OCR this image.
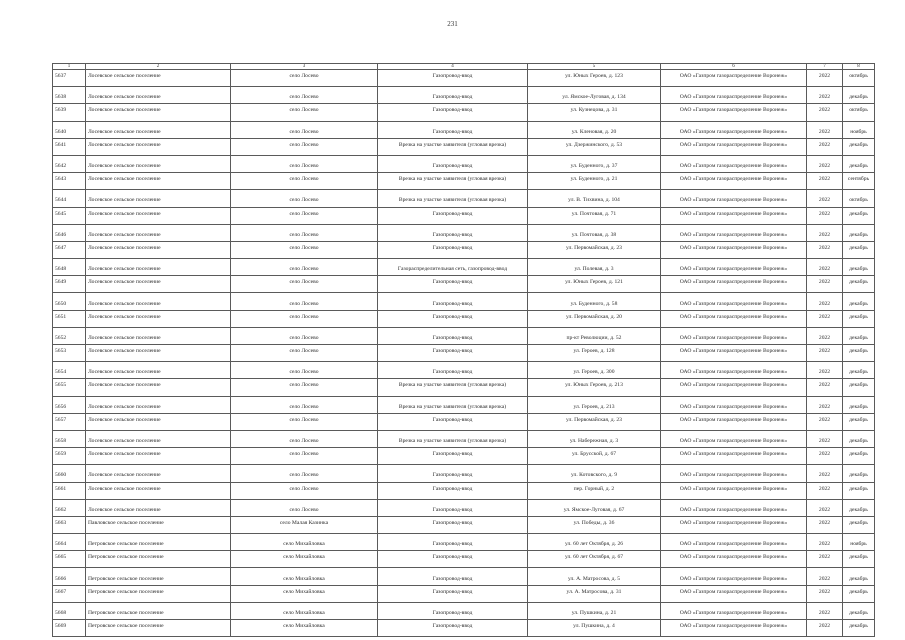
231
1	2	3	4	5	6	7	8
5637	Лосевское сельское поселение	село Лосево	Газопровод-ввод	ул. Юных Героев, д. 123	ОАО «Газпром газораспределение Воронеж»	2022	октябрь
5638	Лосевское сельское поселение	село Лосево	Газопровод-ввод	ул. Ямское-Луговая, д. 134	ОАО «Газпром газораспределение Воронеж»	2022	декабрь
5639	Лосевское сельское поселение	село Лосево	Газопровод-ввод	ул. Кузнецова, д. 31	ОАО «Газпром газораспределение Воронеж»	2022	октябрь
5640	Лосевское сельское поселение	село Лосево	Газопровод-ввод	ул. Кленовая, д. 20	ОАО «Газпром газораспределение Воронеж»	2022	ноябрь
5641	Лосевское сельское поселение	село Лосево	Врезка на участке заявителя (угловая врезка)	ул. Дзержинского, д. 53	ОАО «Газпром газораспределение Воронеж»	2022	декабрь
5642	Лосевское сельское поселение	село Лосево	Газопровод-ввод	ул. Буденного, д. 37	ОАО «Газпром газораспределение Воронеж»	2022	декабрь
5643	Лосевское сельское поселение	село Лосево	Врезка на участке заявителя (угловая врезка)	ул. Буденного, д. 21	ОАО «Газпром газораспределение Воронеж»	2022	сентябрь
5644	Лосевское сельское поселение	село Лосево	Врезка на участке заявителя (угловая врезка)	ул. В. Тихвина, д. 104	ОАО «Газпром газораспределение Воронеж»	2022	октябрь
5645	Лосевское сельское поселение	село Лосево	Газопровод-ввод	ул. Почтовая, д. 71	ОАО «Газпром газораспределение Воронеж»	2022	декабрь
5646	Лосевское сельское поселение	село Лосево	Газопровод-ввод	ул. Почтовая, д. 38	ОАО «Газпром газораспределение Воронеж»	2022	декабрь
5647	Лосевское сельское поселение	село Лосево	Газопровод-ввод	ул. Первомайская, д. 23	ОАО «Газпром газораспределение Воронеж»	2022	декабрь
5648	Лосевское сельское поселение	село Лосево	Газораспределительная сеть, газопровод-ввод	ул. Полевая, д. 3	ОАО «Газпром газораспределение Воронеж»	2022	декабрь
5649	Лосевское сельское поселение	село Лосево	Газопровод-ввод	ул. Юных Героев, д. 121	ОАО «Газпром газораспределение Воронеж»	2022	декабрь
5650	Лосевское сельское поселение	село Лосево	Газопровод-ввод	ул. Буденного, д. 58	ОАО «Газпром газораспределение Воронеж»	2022	декабрь
5651	Лосевское сельское поселение	село Лосево	Газопровод-ввод	ул. Первомайская, д. 20	ОАО «Газпром газораспределение Воронеж»	2022	декабрь
5652	Лосевское сельское поселение	село Лосево	Газопровод-ввод	пр-кт Революции, д. 52	ОАО «Газпром газораспределение Воронеж»	2022	декабрь
5653	Лосевское сельское поселение	село Лосево	Газопровод-ввод	ул. Героев, д. 128	ОАО «Газпром газораспределение Воронеж»	2022	декабрь
5654	Лосевское сельское поселение	село Лосево	Газопровод-ввод	ул. Героев, д. 300	ОАО «Газпром газораспределение Воронеж»	2022	декабрь
5655	Лосевское сельское поселение	село Лосево	Врезка на участке заявителя (угловая врезка)	ул. Юных Героев, д. 213	ОАО «Газпром газораспределение Воронеж»	2022	декабрь
5656	Лосевское сельское поселение	село Лосево	Врезка на участке заявителя (угловая врезка)	ул. Героев, д. 213	ОАО «Газпром газораспределение Воронеж»	2022	декабрь
5657	Лосевское сельское поселение	село Лосево	Газопровод-ввод	ул. Первомайская, д. 23	ОАО «Газпром газораспределение Воронеж»	2022	декабрь
5658	Лосевское сельское поселение	село Лосево	Врезка на участке заявителя (угловая врезка)	ул. Набережная, д. 3	ОАО «Газпром газораспределение Воронеж»	2022	декабрь
5659	Лосевское сельское поселение	село Лосево	Газопровод-ввод	ул. Брусской, д. 67	ОАО «Газпром газораспределение Воронеж»	2022	декабрь
5660	Лосевское сельское поселение	село Лосево	Газопровод-ввод	ул. Котовского, д. 9	ОАО «Газпром газораспределение Воронеж»	2022	декабрь
5661	Лосевское сельское поселение	село Лосево	Газопровод-ввод	пер. Горный, д. 2	ОАО «Газпром газораспределение Воронеж»	2022	декабрь
5662	Лосевское сельское поселение	село Лосево	Газопровод-ввод	ул. Ямское-Луговая, д. 67	ОАО «Газпром газораспределение Воронеж»	2022	декабрь
5663	Павловское сельское поселение	село Малая Казинка	Газопровод-ввод	ул. Победы, д. 36	ОАО «Газпром газораспределение Воронеж»	2022	декабрь
5664	Петровское сельское поселение	село Михайловка	Газопровод-ввод	ул. 60 лет Октября, д. 26	ОАО «Газпром газораспределение Воронеж»	2022	ноябрь
5665	Петровское сельское поселение	село Михайловка	Газопровод-ввод	ул. 60 лет Октября, д. 67	ОАО «Газпром газораспределение Воронеж»	2022	декабрь
5666	Петровское сельское поселение	село Михайловка	Газопровод-ввод	ул. А. Матросова, д. 5	ОАО «Газпром газораспределение Воронеж»	2022	декабрь
5667	Петровское сельское поселение	село Михайловка	Газопровод-ввод	ул. А. Матросова, д. 31	ОАО «Газпром газораспределение Воронеж»	2022	декабрь
5668	Петровское сельское поселение	село Михайловка	Газопровод-ввод	ул. Пушкина, д. 21	ОАО «Газпром газораспределение Воронеж»	2022	декабрь
5669	Петровское сельское поселение	село Михайловка	Газопровод-ввод	ул. Пушкина, д. 4	ОАО «Газпром газораспределение Воронеж»	2022	декабрь
